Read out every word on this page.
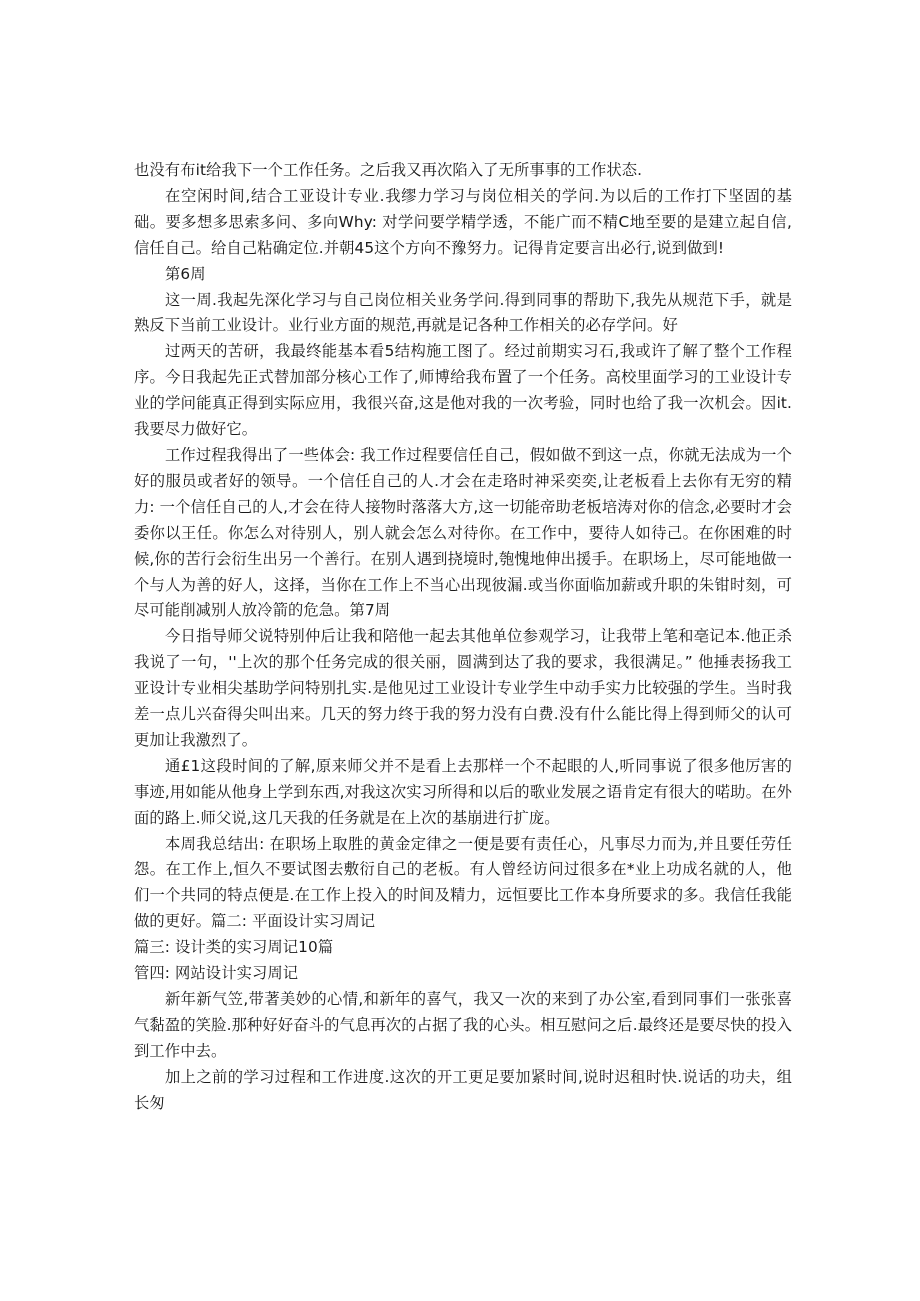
也没有布it给我下一个工作任务。之后我又再次陷入了无所事事的工作状态.

在空闲时间,结合工亚设计专业.我缪力学习与岗位相关的学问.为以后的工作打下坚固的基础。要多想多思索多问、多向Why: 对学问要学精学透，不能广而不精C地至要的是建立起自信,信任自己。给自己粘确定位.并朝45这个方向不豫努力。记得肯定要言出必行,说到做到!

第6周

这一周.我起先深化学习与自己岗位相关业务学问.得到同事的帮助下,我先从规范下手，就是熟反下当前工业设计。业行业方面的规范,再就是记各种工作相关的必存学问。好

过两天的苦研，我最终能基本看5结构施工图了。经过前期实习石,我或许了解了整个工作程序。今日我起先正式替加部分核心工作了,师博给我布置了一个任务。高校里面学习的工业设计专业的学问能真正得到实际应用，我很兴奋,这是他对我的一次考验，同时也给了我一次机会。因it.我要尽力做好它。

工作过程我得出了一些体会: 我工作过程要信任自己，假如做不到这一点，你就无法成为一个好的服员或者好的领导。一个信任自己的人.才会在走珞时神采奕奕,让老板看上去你有无穷的精力: 一个信任自己的人,才会在待人接物时落落大方,这一切能帝助老板培涛对你的信念,必要时才会委你以王任。你怎么对待别人，别人就会怎么对待你。在工作中，要待人如待己。在你困难的时候,你的苦行会衍生出另一个善行。在别人遇到挠境时,匏愧地伸出援手。在职场上，尽可能地做一个与人为善的好人，这择，当你在工作上不当心出现彼漏.或当你面临加薪或升职的朱钳时刻，可尽可能削减别人放冷箭的危急。第7周

今日指导师父说特别仲后让我和陪他一起去其他单位参观学习，让我带上笔和亳记本.他正杀我说了一句，''上次的那个任务完成的很关丽，圆满到达了我的要求，我很满足。” 他捶表扬我工亚设计专业相尖基助学问特别扎实.是他见过工业设计专业学生中动手实力比较强的学生。当时我差一点儿兴奋得尖叫出来。几天的努力终于我的努力没有白费.没有什么能比得上得到师父的认可更加让我激烈了。

通£1这段时间的了解,原来师父并不是看上去那样一个不起眼的人,听同事说了很多他厉害的事迹,用如能从他身上学到东西,对我这次实习所得和以后的歌业发展之语肯定有很大的喏助。在外面的路上.师父说,这几天我的任务就是在上次的基崩进行扩庞。

本周我总结出: 在职场上取胜的黄金定律之一便是要有责任心，凡事尽力而为,并且要任劳任怨。在工作上,恒久不要试图去敷衍自己的老板。有人曾经访问过很多在*业上功成名就的人，他们一个共同的特点便是.在工作上投入的时间及精力，远恒要比工作本身所要求的多。我信任我能做的更好。篇二: 平面设计实习周记

篇三: 设计类的实习周记10篇

管四: 网站设计实习周记

新年新气笠,带著美妙的心情,和新年的喜气，我又一次的来到了办公室,看到同事们一张张喜气黏盈的笑脸.那种好好奋斗的气息再次的占据了我的心头。相互慰问之后.最终还是要尽快的投入到工作中去。

加上之前的学习过程和工作进度.这次的开工更足要加紧时间,说时迟租时快.说话的功夫，组长匆
